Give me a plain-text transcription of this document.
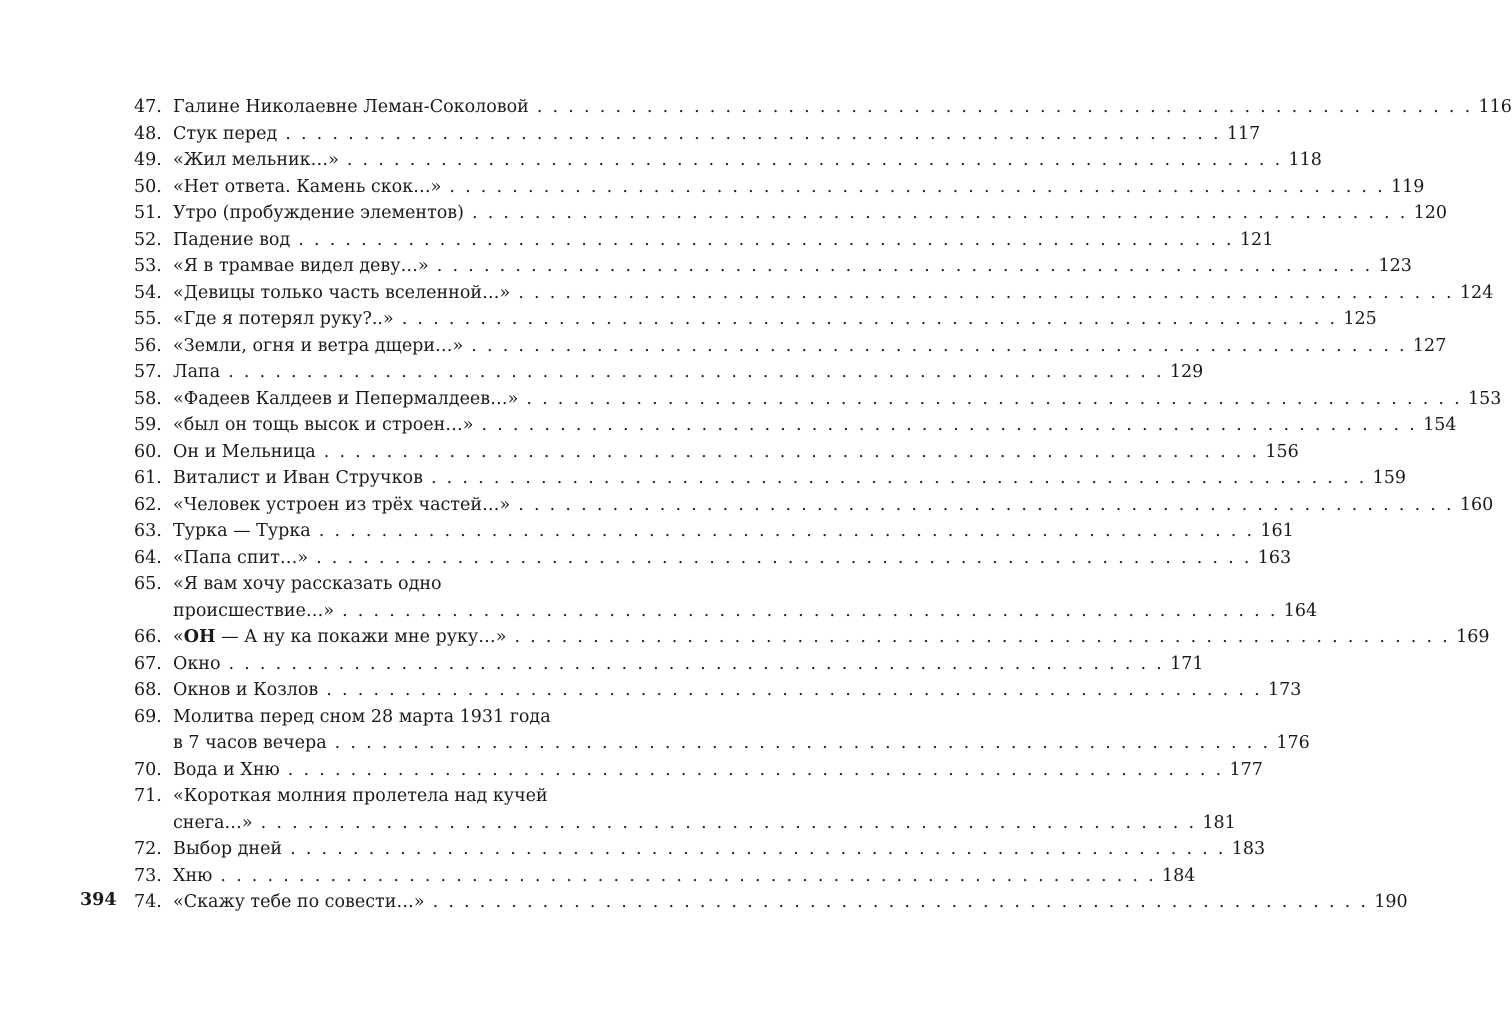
47. Галине Николаевне Леман-Соколовой . . . . . . . . . . . . . . . . . . . . . . . . . . . . . . . . . . . . . . . . . . . . . . . . . . . . . . . . . . . . 116
48. Стук перед . . . . . . . . . . . . . . . . . . . . . . . . . . . . . . . . . . . . . . . . . . . . . . . . . . . . . . . . . . . . 117
49. «Жил мельник…» . . . . . . . . . . . . . . . . . . . . . . . . . . . . . . . . . . . . . . . . . . . . . . . . . . . . . . . . . . . . 118
50. «Нет ответа. Камень скок…» . . . . . . . . . . . . . . . . . . . . . . . . . . . . . . . . . . . . . . . . . . . . . . . . . . . . . . . . . . . . 119
51. Утро (пробуждение элементов) . . . . . . . . . . . . . . . . . . . . . . . . . . . . . . . . . . . . . . . . . . . . . . . . . . . . . . . . . . . . 120
52. Падение вод . . . . . . . . . . . . . . . . . . . . . . . . . . . . . . . . . . . . . . . . . . . . . . . . . . . . . . . . . . . . 121
53. «Я в трамвае видел деву…» . . . . . . . . . . . . . . . . . . . . . . . . . . . . . . . . . . . . . . . . . . . . . . . . . . . . . . . . . . . . 123
54. «Девицы только часть вселенной…» . . . . . . . . . . . . . . . . . . . . . . . . . . . . . . . . . . . . . . . . . . . . . . . . . . . . . . . . . . . . 124
55. «Где я потерял руку?..» . . . . . . . . . . . . . . . . . . . . . . . . . . . . . . . . . . . . . . . . . . . . . . . . . . . . . . . . . . . . 125
56. «Земли, огня и ветра дщери…» . . . . . . . . . . . . . . . . . . . . . . . . . . . . . . . . . . . . . . . . . . . . . . . . . . . . . . . . . . . . 127
57. Лапа . . . . . . . . . . . . . . . . . . . . . . . . . . . . . . . . . . . . . . . . . . . . . . . . . . . . . . . . . . . . 129
58. «Фадеев Калдеев и Пепермалдеев…» . . . . . . . . . . . . . . . . . . . . . . . . . . . . . . . . . . . . . . . . . . . . . . . . . . . . . . . . . . . . 153
59. «был он тощь высок и строен…» . . . . . . . . . . . . . . . . . . . . . . . . . . . . . . . . . . . . . . . . . . . . . . . . . . . . . . . . . . . . 154
60. Он и Мельница . . . . . . . . . . . . . . . . . . . . . . . . . . . . . . . . . . . . . . . . . . . . . . . . . . . . . . . . . . . . 156
61. Виталист и Иван Стручков . . . . . . . . . . . . . . . . . . . . . . . . . . . . . . . . . . . . . . . . . . . . . . . . . . . . . . . . . . . . 159
62. «Человек устроен из трёх частей…» . . . . . . . . . . . . . . . . . . . . . . . . . . . . . . . . . . . . . . . . . . . . . . . . . . . . . . . . . . . . 160
63. Турка — Турка . . . . . . . . . . . . . . . . . . . . . . . . . . . . . . . . . . . . . . . . . . . . . . . . . . . . . . . . . . . . 161
64. «Папа спит…» . . . . . . . . . . . . . . . . . . . . . . . . . . . . . . . . . . . . . . . . . . . . . . . . . . . . . . . . . . . . 163
65. «Я вам хочу рассказать одно
происшествие…» . . . . . . . . . . . . . . . . . . . . . . . . . . . . . . . . . . . . . . . . . . . . . . . . . . . . . . . . . . . . 164
66. «ОН — А ну ка покажи мне руку…» . . . . . . . . . . . . . . . . . . . . . . . . . . . . . . . . . . . . . . . . . . . . . . . . . . . . . . . . . . . . 169
67. Окно . . . . . . . . . . . . . . . . . . . . . . . . . . . . . . . . . . . . . . . . . . . . . . . . . . . . . . . . . . . . 171
68. Окнов и Козлов . . . . . . . . . . . . . . . . . . . . . . . . . . . . . . . . . . . . . . . . . . . . . . . . . . . . . . . . . . . . 173
69. Молитва перед сном 28 марта 1931 года
в 7 часов вечера . . . . . . . . . . . . . . . . . . . . . . . . . . . . . . . . . . . . . . . . . . . . . . . . . . . . . . . . . . . . 176
70. Вода и Хню . . . . . . . . . . . . . . . . . . . . . . . . . . . . . . . . . . . . . . . . . . . . . . . . . . . . . . . . . . . . 177
71. «Короткая молния пролетела над кучей
снега…» . . . . . . . . . . . . . . . . . . . . . . . . . . . . . . . . . . . . . . . . . . . . . . . . . . . . . . . . . . . . 181
72. Выбор дней . . . . . . . . . . . . . . . . . . . . . . . . . . . . . . . . . . . . . . . . . . . . . . . . . . . . . . . . . . . . 183
73. Хню . . . . . . . . . . . . . . . . . . . . . . . . . . . . . . . . . . . . . . . . . . . . . . . . . . . . . . . . . . . . 184
74. «Скажу тебе по совести…» . . . . . . . . . . . . . . . . . . . . . . . . . . . . . . . . . . . . . . . . . . . . . . . . . . . . . . . . . . . . 190
394
